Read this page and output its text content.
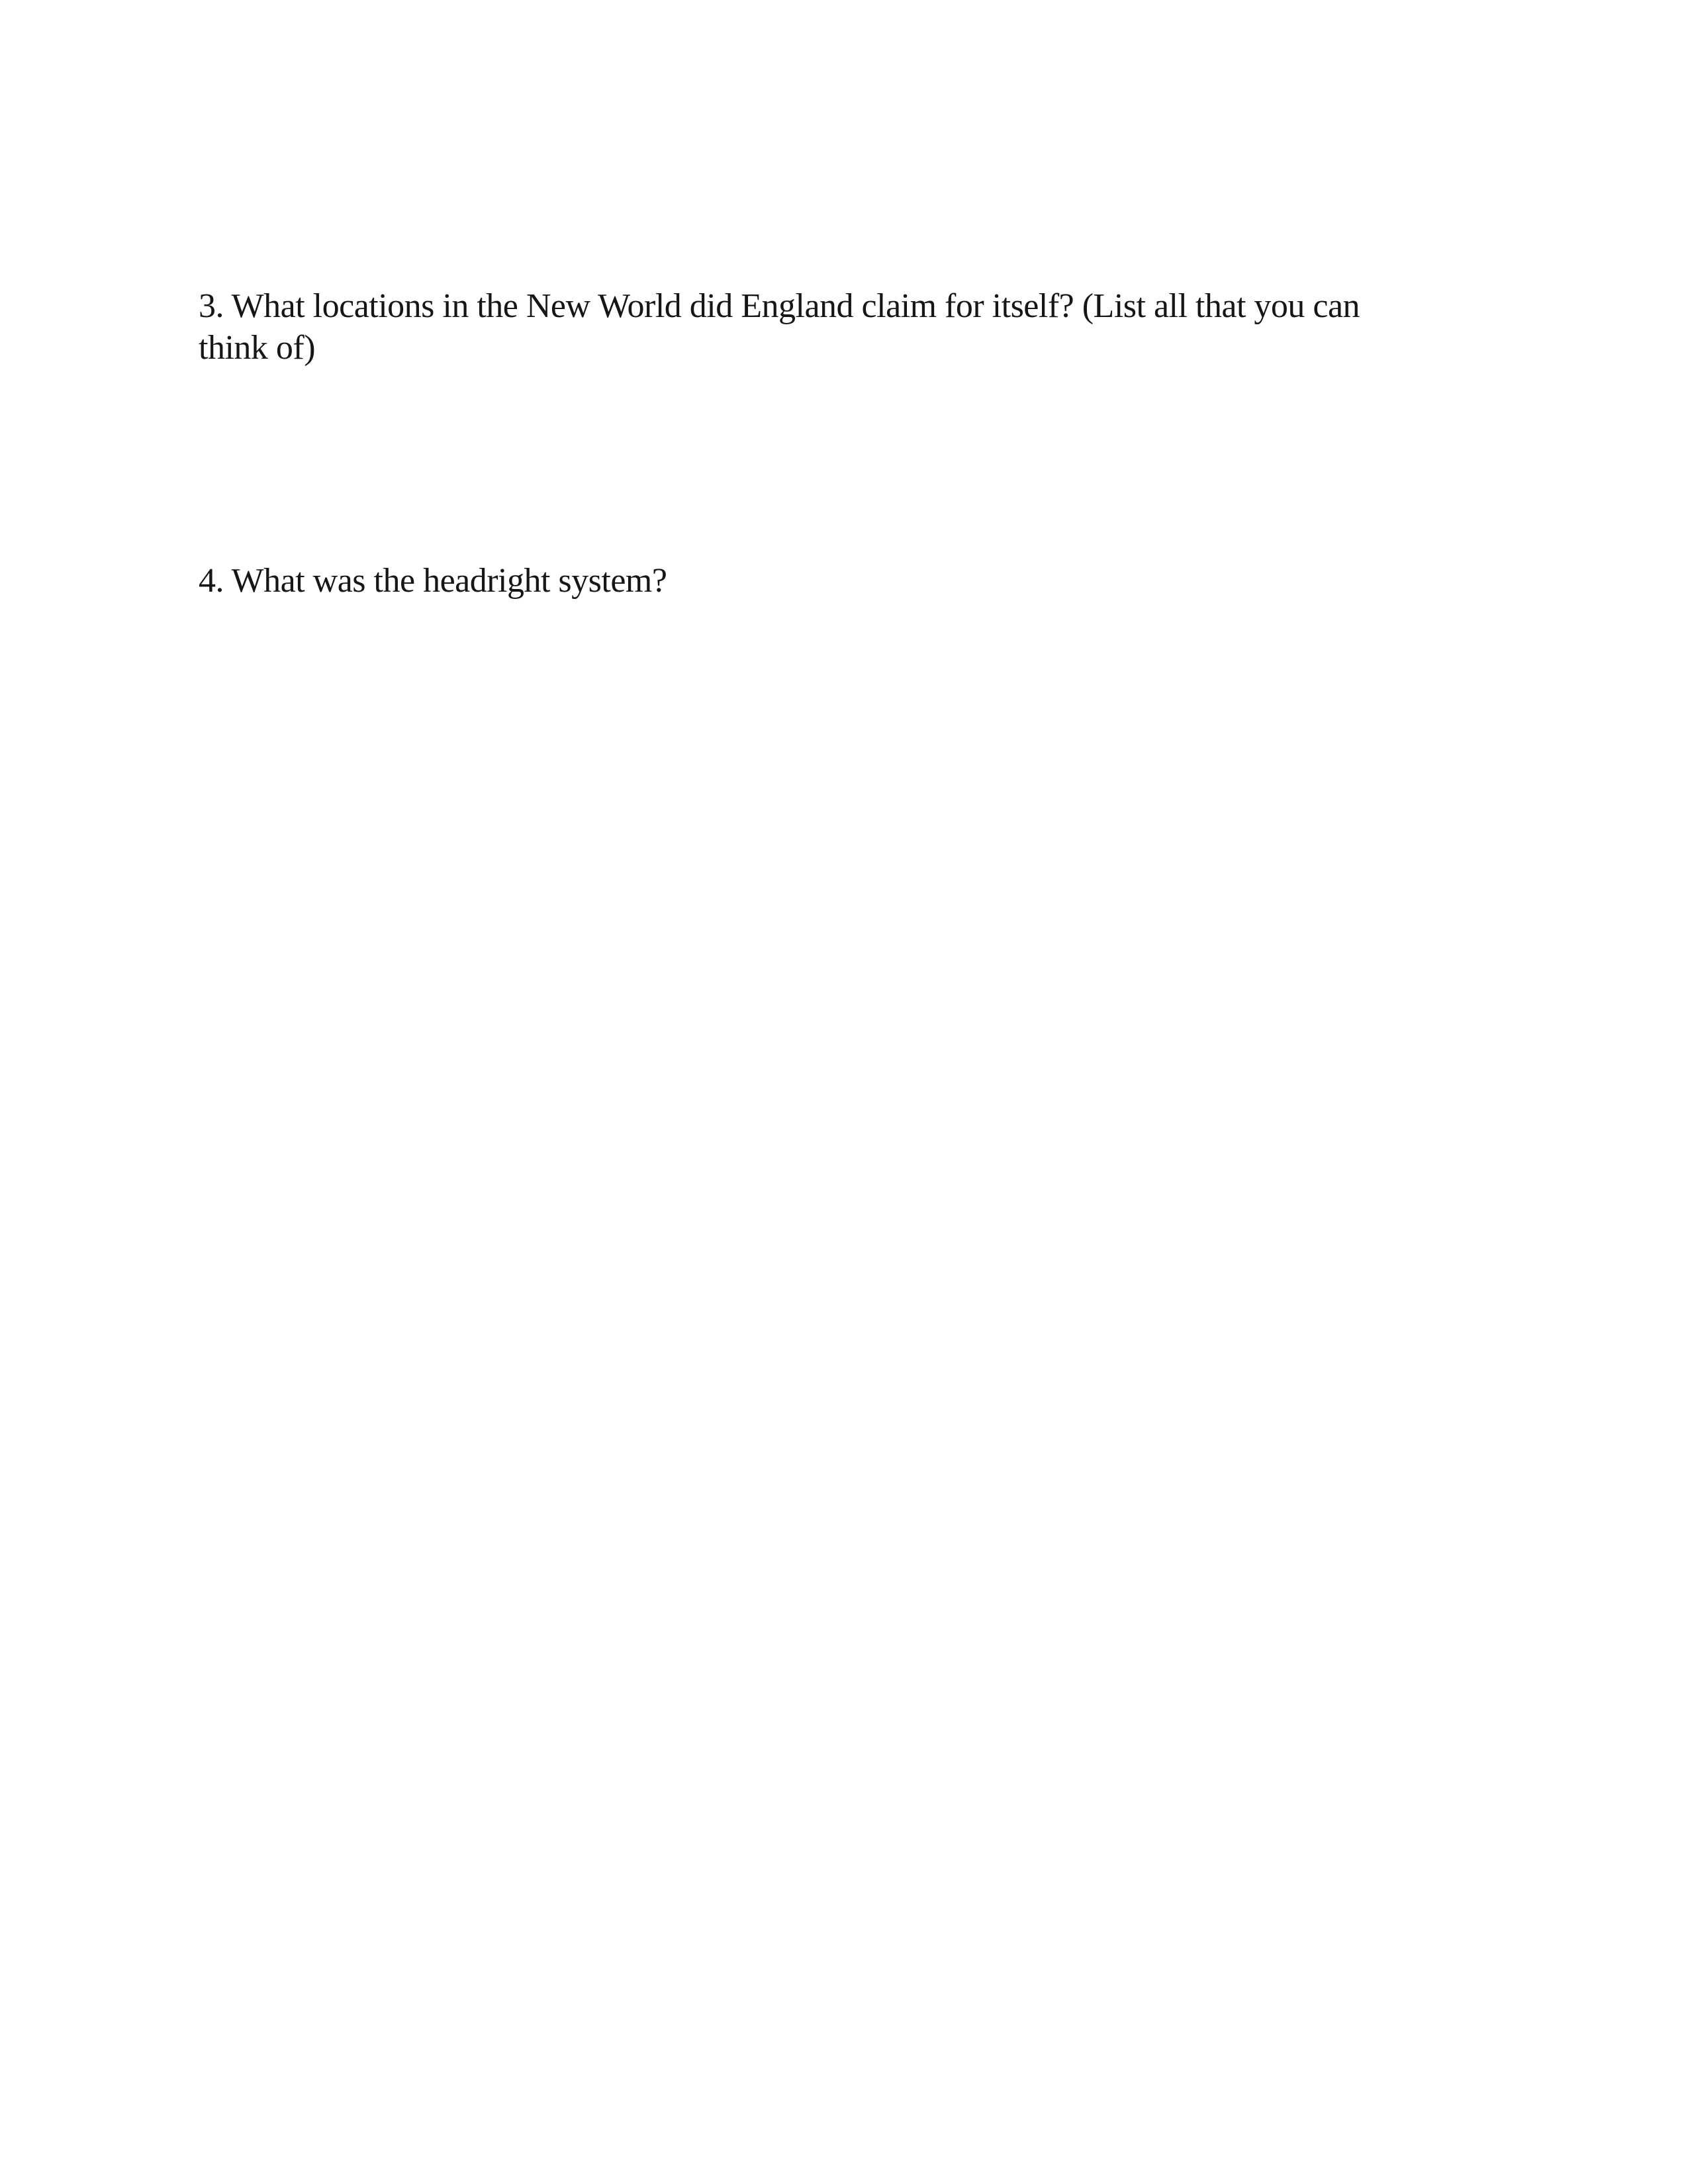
3. What locations in the New World did England claim for itself? (List all that you can
think of)
4. What was the headright system?
